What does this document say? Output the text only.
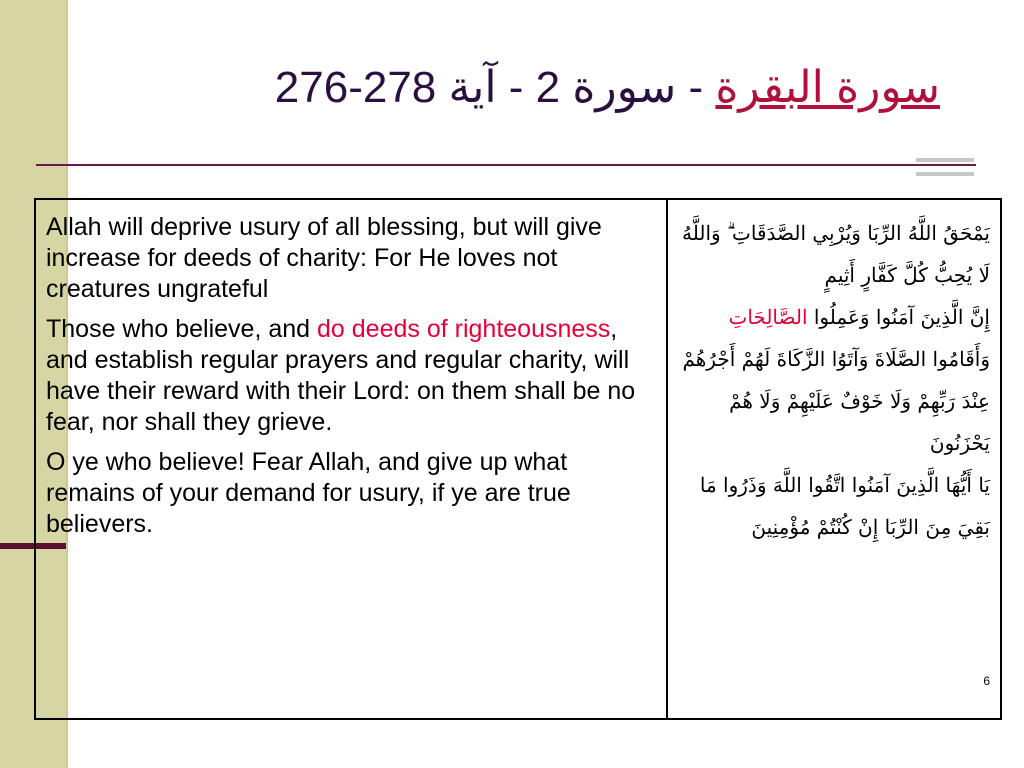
سورة البقرة - سورة 2 - آية 276-278

Allah will deprive usury of all blessing, but will give increase for deeds of charity: For He loves not creatures ungrateful

Those who believe, and do deeds of righteousness, and establish regular prayers and regular charity, will have their reward with their Lord: on them shall be no fear, nor shall they grieve.

O ye who believe! Fear Allah, and give up what remains of your demand for usury, if ye are true believers.

يَمْحَقُ اللَّهُ الرِّبَا وَيُرْبِي الصَّدَقَاتِ ۗ وَاللَّهُ لَا يُحِبُّ كُلَّ كَفَّارٍ أَثِيمٍ

إِنَّ الَّذِينَ آمَنُوا وَعَمِلُوا الصَّالِحَاتِ وَأَقَامُوا الصَّلَاةَ وَآتَوُا الزَّكَاةَ لَهُمْ أَجْرُهُمْ عِنْدَ رَبِّهِمْ وَلَا خَوْفٌ عَلَيْهِمْ وَلَا هُمْ يَحْزَنُونَ

يَا أَيُّهَا الَّذِينَ آمَنُوا اتَّقُوا اللَّهَ وَذَرُوا مَا بَقِيَ مِنَ الرِّبَا إِنْ كُنْتُمْ مُؤْمِنِينَ

6
